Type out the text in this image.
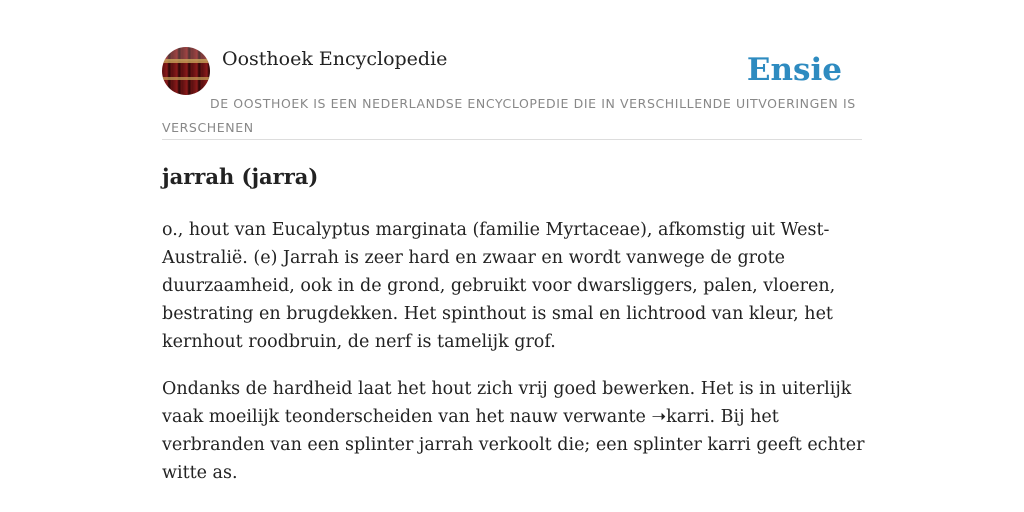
Oosthoek Encyclopedie	Ensie
DE OOSTHOEK IS EEN NEDERLANDSE ENCYCLOPEDIE DIE IN VERSCHILLENDE UITVOERINGEN IS VERSCHENEN
jarrah (jarra)

o., hout van Eucalyptus marginata (familie Myrtaceae), afkomstig uit West-Australië. (e) Jarrah is zeer hard en zwaar en wordt vanwege de grote duurzaamheid, ook in de grond, gebruikt voor dwarsliggers, palen, vloeren, bestrating en brugdekken. Het spinthout is smal en lichtrood van kleur, het kernhout roodbruin, de nerf is tamelijk grof.

Ondanks de hardheid laat het hout zich vrij goed bewerken. Het is in uiterlijk vaak moeilijk teonderscheiden van het nauw verwante ➝karri. Bij het verbranden van een splinter jarrah verkoolt die; een splinter karri geeft echter witte as.
